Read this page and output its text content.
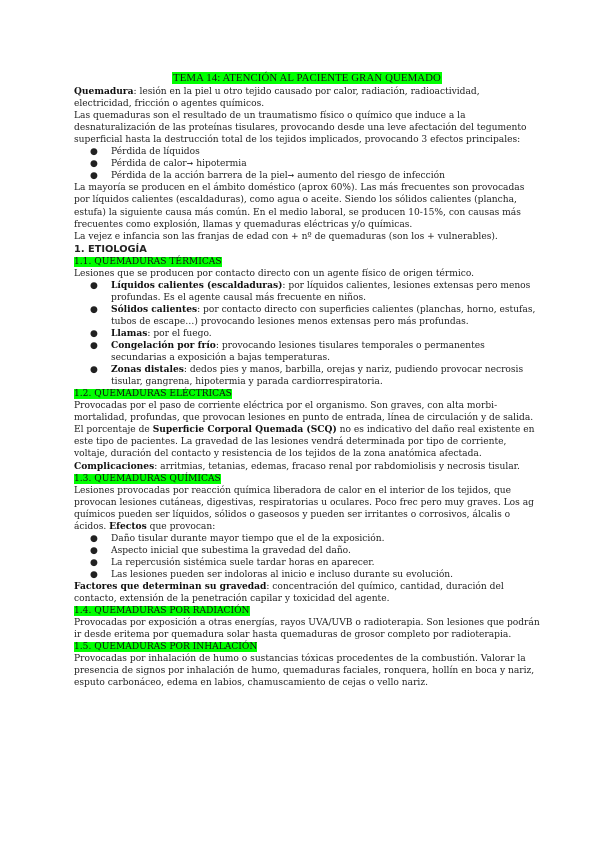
TEMA 14: ATENCIÓN AL PACIENTE GRAN QUEMADO

Quemadura: lesión en la piel u otro tejido causado por calor, radiación, radioactividad, electricidad, fricción o agentes químicos.

Las quemaduras son el resultado de un traumatismo físico o químico que induce a la desnaturalización de las proteínas tisulares, provocando desde una leve afectación del tegumento superficial hasta la destrucción total de los tejidos implicados, provocando 3 efectos principales:

● Pérdida de líquidos
● Pérdida de calor➞ hipotermia
● Pérdida de la acción barrera de la piel➞ aumento del riesgo de infección

La mayoría se producen en el ámbito doméstico (aprox 60%). Las más frecuentes son provocadas por líquidos calientes (escaldaduras), como agua o aceite. Siendo los sólidos calientes (plancha, estufa) la siguiente causa más común. En el medio laboral, se producen 10-15%, con causas más frecuentes como explosión, llamas y quemaduras eléctricas y/o químicas.

La vejez e infancia son las franjas de edad con + nº de quemaduras (son los + vulnerables).

1. ETIOLOGÍA
1.1. QUEMADURAS TÉRMICAS

Lesiones que se producen por contacto directo con un agente físico de origen térmico.

● Líquidos calientes (escaldaduras): por líquidos calientes, lesiones extensas pero menos profundas. Es el agente causal más frecuente en niños.
● Sólidos calientes: por contacto directo con superficies calientes (planchas, horno, estufas, tubos de escape…) provocando lesiones menos extensas pero más profundas.
● Llamas: por el fuego.
● Congelación por frío: provocando lesiones tisulares temporales o permanentes secundarias a exposición a bajas temperaturas.
● Zonas distales: dedos pies y manos, barbilla, orejas y nariz, pudiendo provocar necrosis tisular, gangrena, hipotermia y parada cardiorrespiratoria.
1.2. QUEMADURAS ELÉCTRICAS

Provocadas por el paso de corriente eléctrica por el organismo. Son graves, con alta morbi-mortalidad, profundas, que provocan lesiones en punto de entrada, línea de circulación y de salida.

El porcentaje de Superficie Corporal Quemada (SCQ) no es indicativo del daño real existente en este tipo de pacientes. La gravedad de las lesiones vendrá determinada por tipo de corriente, voltaje, duración del contacto y resistencia de los tejidos de la zona anatómica afectada.

Complicaciones: arritmias, tetanias, edemas, fracaso renal por rabdomiolisis y necrosis tisular.

1.3. QUEMADURAS QUÍMICAS

Lesiones provocadas por reacción química liberadora de calor en el interior de los tejidos, que provocan lesiones cutáneas, digestivas, respiratorias u oculares. Poco frec pero muy graves. Los ag químicos pueden ser líquidos, sólidos o gaseosos y pueden ser irritantes o corrosivos, álcalis o ácidos. Efectos que provocan:

● Daño tisular durante mayor tiempo que el de la exposición.
● Aspecto inicial que subestima la gravedad del daño.
● La repercusión sistémica suele tardar horas en aparecer.
● Las lesiones pueden ser indoloras al inicio e incluso durante su evolución.

Factores que determinan su gravedad: concentración del químico, cantidad, duración del contacto, extensión de la penetración capilar y toxicidad del agente.

1.4. QUEMADURAS POR RADIACIÓN

Provocadas por exposición a otras energías, rayos UVA/UVB o radioterapia. Son lesiones que podrán ir desde eritema por quemadura solar hasta quemaduras de grosor completo por radioterapia.

1.5. QUEMADURAS POR INHALACIÓN

Provocadas por inhalación de humo o sustancias tóxicas procedentes de la combustión. Valorar la presencia de signos por inhalación de humo, quemaduras faciales, ronquera, hollín en boca y nariz, esputo carbonáceo, edema en labios, chamuscamiento de cejas o vello nariz.
